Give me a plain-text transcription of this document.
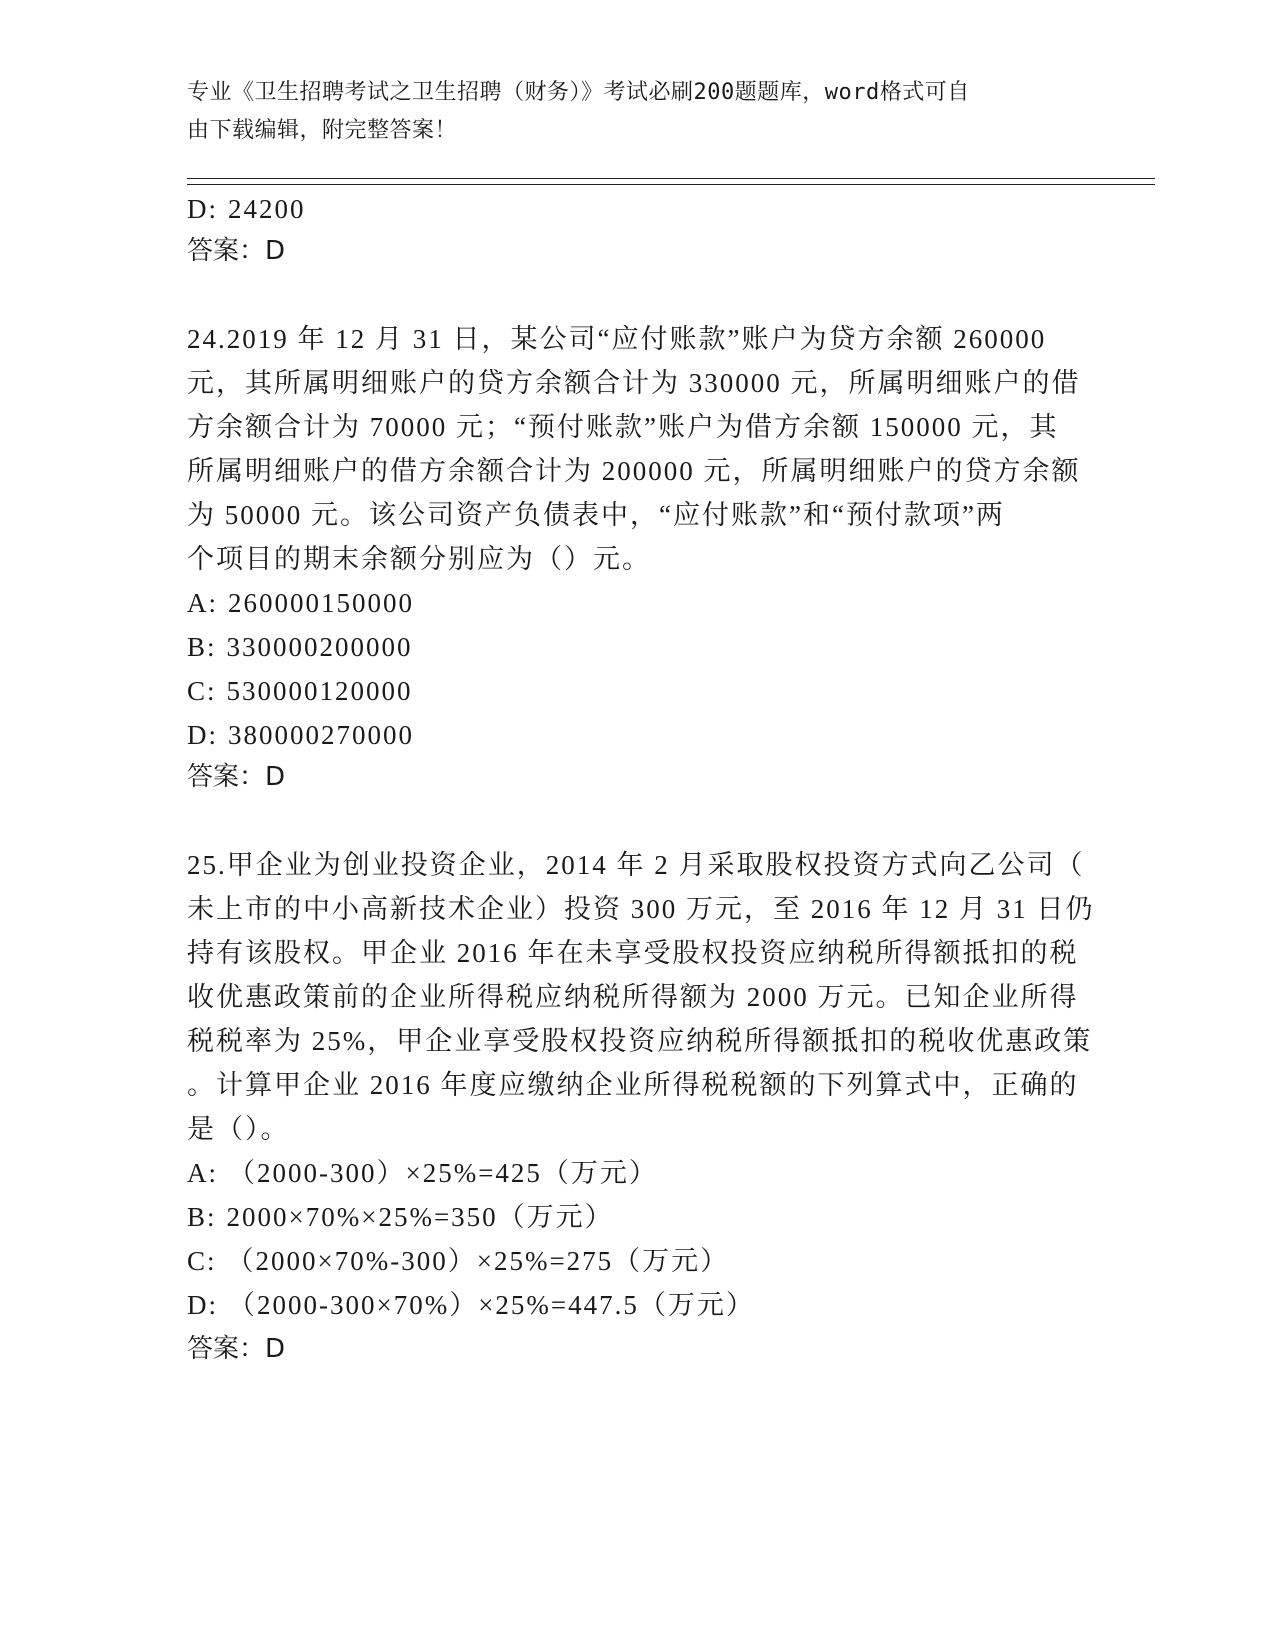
专业《卫生招聘考试之卫生招聘（财务）》考试必刷200题题库，word格式可自
由下载编辑，附完整答案！
D: 24200
答案：D
24.2019 年 12 月 31 日，某公司“应付账款”账户为贷方余额 260000
元，其所属明细账户的贷方余额合计为 330000 元，所属明细账户的借
方余额合计为 70000 元；“预付账款”账户为借方余额 150000 元，其
所属明细账户的借方余额合计为 200000 元，所属明细账户的贷方余额
为 50000 元。该公司资产负债表中，“应付账款”和“预付款项”两
个项目的期末余额分别应为（）元。
A: 260000150000
B: 330000200000
C: 530000120000
D: 380000270000
答案：D
25.甲企业为创业投资企业，2014 年 2 月采取股权投资方式向乙公司（
未上市的中小高新技术企业）投资 300 万元，至 2016 年 12 月 31 日仍
持有该股权。甲企业 2016 年在未享受股权投资应纳税所得额抵扣的税
收优惠政策前的企业所得税应纳税所得额为 2000 万元。已知企业所得
税税率为 25%，甲企业享受股权投资应纳税所得额抵扣的税收优惠政策
。计算甲企业 2016 年度应缴纳企业所得税税额的下列算式中，正确的
是（）。
A: （2000-300）×25%=425（万元）
B: 2000×70%×25%=350（万元）
C: （2000×70%-300）×25%=275（万元）
D: （2000-300×70%）×25%=447.5（万元）
答案：D
